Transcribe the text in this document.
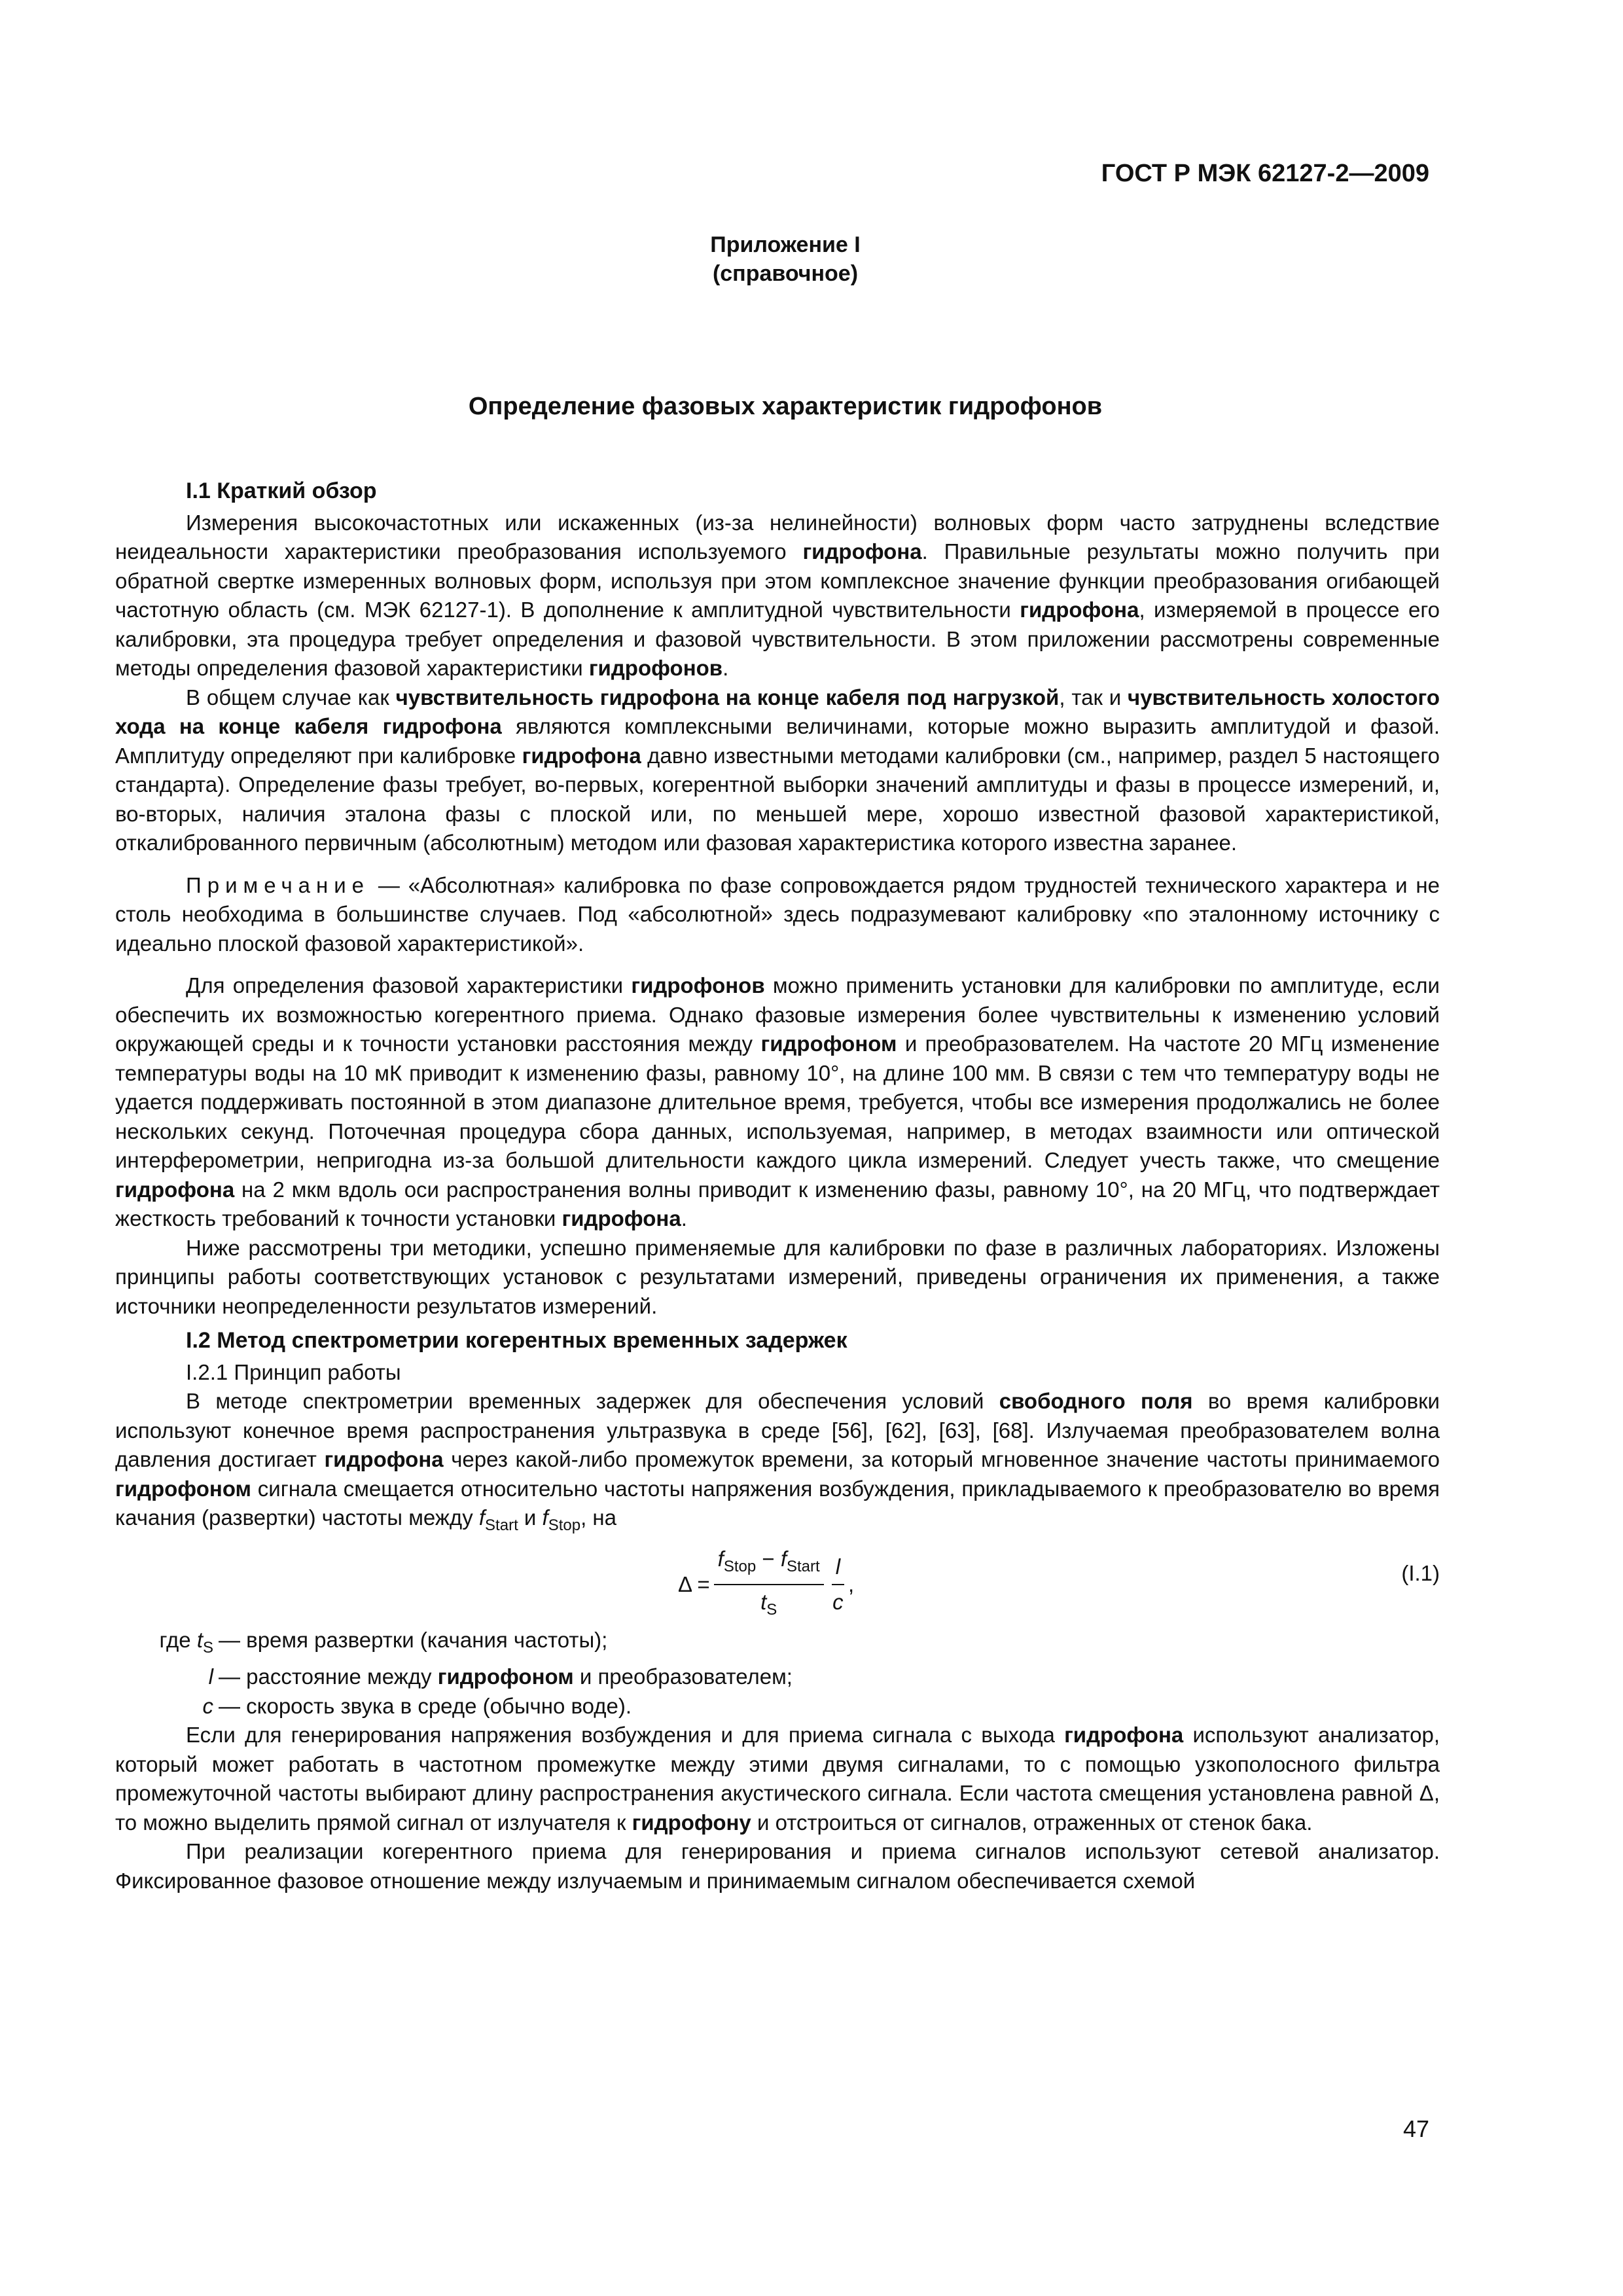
ГОСТ Р МЭК 62127-2—2009
Приложение I
(справочное)
Определение фазовых характеристик гидрофонов
I.1 Краткий обзор

Измерения высокочастотных или искаженных (из-за нелинейности) волновых форм часто затруднены вследствие неидеальности характеристики преобразования используемого гидрофона. Правильные результаты можно получить при обратной свертке измеренных волновых форм, используя при этом комплексное значение функции преобразования огибающей частотную область (см. МЭК 62127-1). В дополнение к амплитудной чувствительности гидрофона, измеряемой в процессе его калибровки, эта процедура требует определения и фазовой чувствительности. В этом приложении рассмотрены современные методы определения фазовой характеристики гидрофонов.

В общем случае как чувствительность гидрофона на конце кабеля под нагрузкой, так и чувствительность холостого хода на конце кабеля гидрофона являются комплексными величинами, которые можно выразить амплитудой и фазой. Амплитуду определяют при калибровке гидрофона давно известными методами калибровки (см., например, раздел 5 настоящего стандарта). Определение фазы требует, во-первых, когерентной выборки значений амплитуды и фазы в процессе измерений, и, во-вторых, наличия эталона фазы с плоской или, по меньшей мере, хорошо известной фазовой характеристикой, откалиброванного первичным (абсолютным) методом или фазовая характеристика которого известна заранее.

Примечание — «Абсолютная» калибровка по фазе сопровождается рядом трудностей технического характера и не столь необходима в большинстве случаев. Под «абсолютной» здесь подразумевают калибровку «по эталонному источнику с идеально плоской фазовой характеристикой».

Для определения фазовой характеристики гидрофонов можно применить установки для калибровки по амплитуде, если обеспечить их возможностью когерентного приема. Однако фазовые измерения более чувствительны к изменению условий окружающей среды и к точности установки расстояния между гидрофоном и преобразователем. На частоте 20 МГц изменение температуры воды на 10 мК приводит к изменению фазы, равному 10°, на длине 100 мм. В связи с тем что температуру воды не удается поддерживать постоянной в этом диапазоне длительное время, требуется, чтобы все измерения продолжались не более нескольких секунд. Поточечная процедура сбора данных, используемая, например, в методах взаимности или оптической интерферометрии, непригодна из-за большой длительности каждого цикла измерений. Следует учесть также, что смещение гидрофона на 2 мкм вдоль оси распространения волны приводит к изменению фазы, равному 10°, на 20 МГц, что подтверждает жесткость требований к точности установки гидрофона.

Ниже рассмотрены три методики, успешно применяемые для калибровки по фазе в различных лабораториях. Изложены принципы работы соответствующих установок с результатами измерений, приведены ограничения их применения, а также источники неопределенности результатов измерений.

I.2 Метод спектрометрии когерентных временных задержек
I.2.1 Принцип работы

В методе спектрометрии временных задержек для обеспечения условий свободного поля во время калибровки используют конечное время распространения ультразвука в среде [56], [62], [63], [68]. Излучаемая преобразователем волна давления достигает гидрофона через какой-либо промежуток времени, за который мгновенное значение частоты принимаемого гидрофоном сигнала смещается относительно частоты напряжения возбуждения, прикладываемого к преобразователю во время качания (развертки) частоты между $f_{Start}$ и $f_{Stop}$, на

$\Delta = \frac{f_{Stop} - f_{Start}}{t_S} \frac{l}{c}$ ,	(I.1)
где $t_S$ — время развертки (качания частоты);
l — расстояние между гидрофоном и преобразователем;
c — скорость звука в среде (обычно воде).

Если для генерирования напряжения возбуждения и для приема сигнала с выхода гидрофона используют анализатор, который может работать в частотном промежутке между этими двумя сигналами, то с помощью узкополосного фильтра промежуточной частоты выбирают длину распространения акустического сигнала. Если частота смещения установлена равной Δ, то можно выделить прямой сигнал от излучателя к гидрофону и отстроиться от сигналов, отраженных от стенок бака.

При реализации когерентного приема для генерирования и приема сигналов используют сетевой анализатор. Фиксированное фазовое отношение между излучаемым и принимаемым сигналом обеспечивается схемой

47
